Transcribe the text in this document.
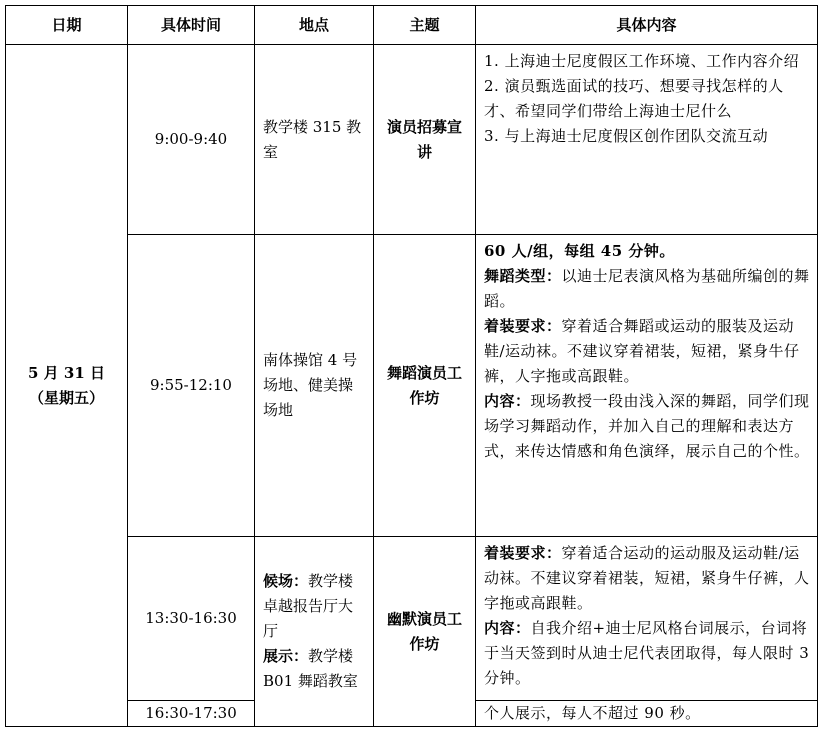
日期	具体时间	地点	主题	具体内容

5 月 31 日
（星期五）	9:00-9:40	教学楼 315 教室	演员招募宣讲	1. 上海迪士尼度假区工作环境、工作内容介绍
2. 演员甄选面试的技巧、想要寻找怎样的人才、希望同学们带给上海迪士尼什么
3. 与上海迪士尼度假区创作团队交流互动

	9:55-12:10	南体操馆 4 号场地、健美操场地	舞蹈演员工作坊	60 人/组，每组 45 分钟。
舞蹈类型：以迪士尼表演风格为基础所编创的舞蹈。
着装要求：穿着适合舞蹈或运动的服装及运动鞋/运动袜。不建议穿着裙装，短裙，紧身牛仔裤，人字拖或高跟鞋。
内容：现场教授一段由浅入深的舞蹈，同学们现场学习舞蹈动作，并加入自己的理解和表达方式，来传达情感和角色演绎，展示自己的个性。

	13:30-16:30	候场：教学楼卓越报告厅大厅
展示：教学楼 B01 舞蹈教室	幽默演员工作坊	着装要求：穿着适合运动的运动服及运动鞋/运动袜。不建议穿着裙装，短裙，紧身牛仔裤，人字拖或高跟鞋。
内容：自我介绍+迪士尼风格台词展示，台词将于当天签到时从迪士尼代表团取得，每人限时 3 分钟。

	16:30-17:30			个人展示，每人不超过 90 秒。
